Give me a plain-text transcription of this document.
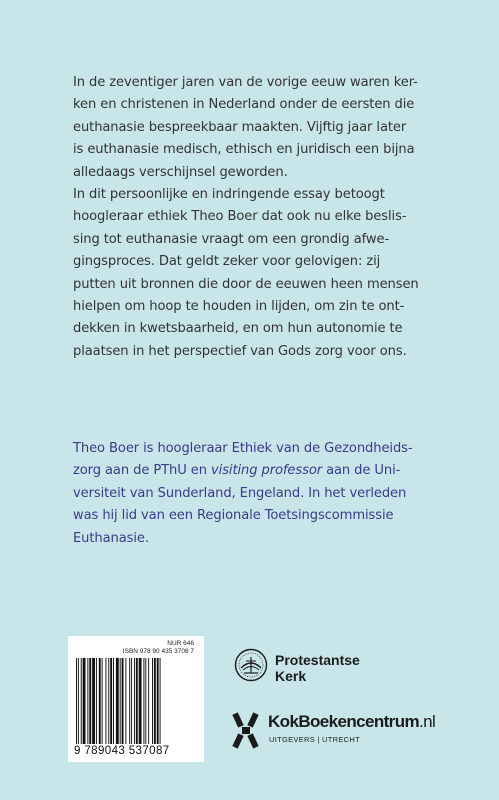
In de zeventiger jaren van de vorige eeuw waren ker-
ken en christenen in Nederland onder de eersten die
euthanasie bespreekbaar maakten. Vijftig jaar later
is euthanasie medisch, ethisch en juridisch een bijna
alledaags verschijnsel geworden.

In dit persoonlijke en indringende essay betoogt
hoogleraar ethiek Theo Boer dat ook nu elke beslis-
sing tot euthanasie vraagt om een grondig afwe-
gingsproces. Dat geldt zeker voor gelovigen: zij
putten uit bronnen die door de eeuwen heen mensen
hielpen om hoop te houden in lijden, om zin te ont-
dekken in kwetsbaarheid, en om hun autonomie te
plaatsen in het perspectief van Gods zorg voor ons.

Theo Boer is hoogleraar Ethiek van de Gezondheids-
zorg aan de PThU en visiting professor aan de Uni-
versiteit van Sunderland, Engeland. In het verleden
was hij lid van een Regionale Toetsingscommissie
Euthanasie.
NUR 646
ISBN 978 90 435 3708 7
9 789043 537087
Protestantse
Kerk
KokBoekencentrum.nl
UITGEVERS | UTRECHT
